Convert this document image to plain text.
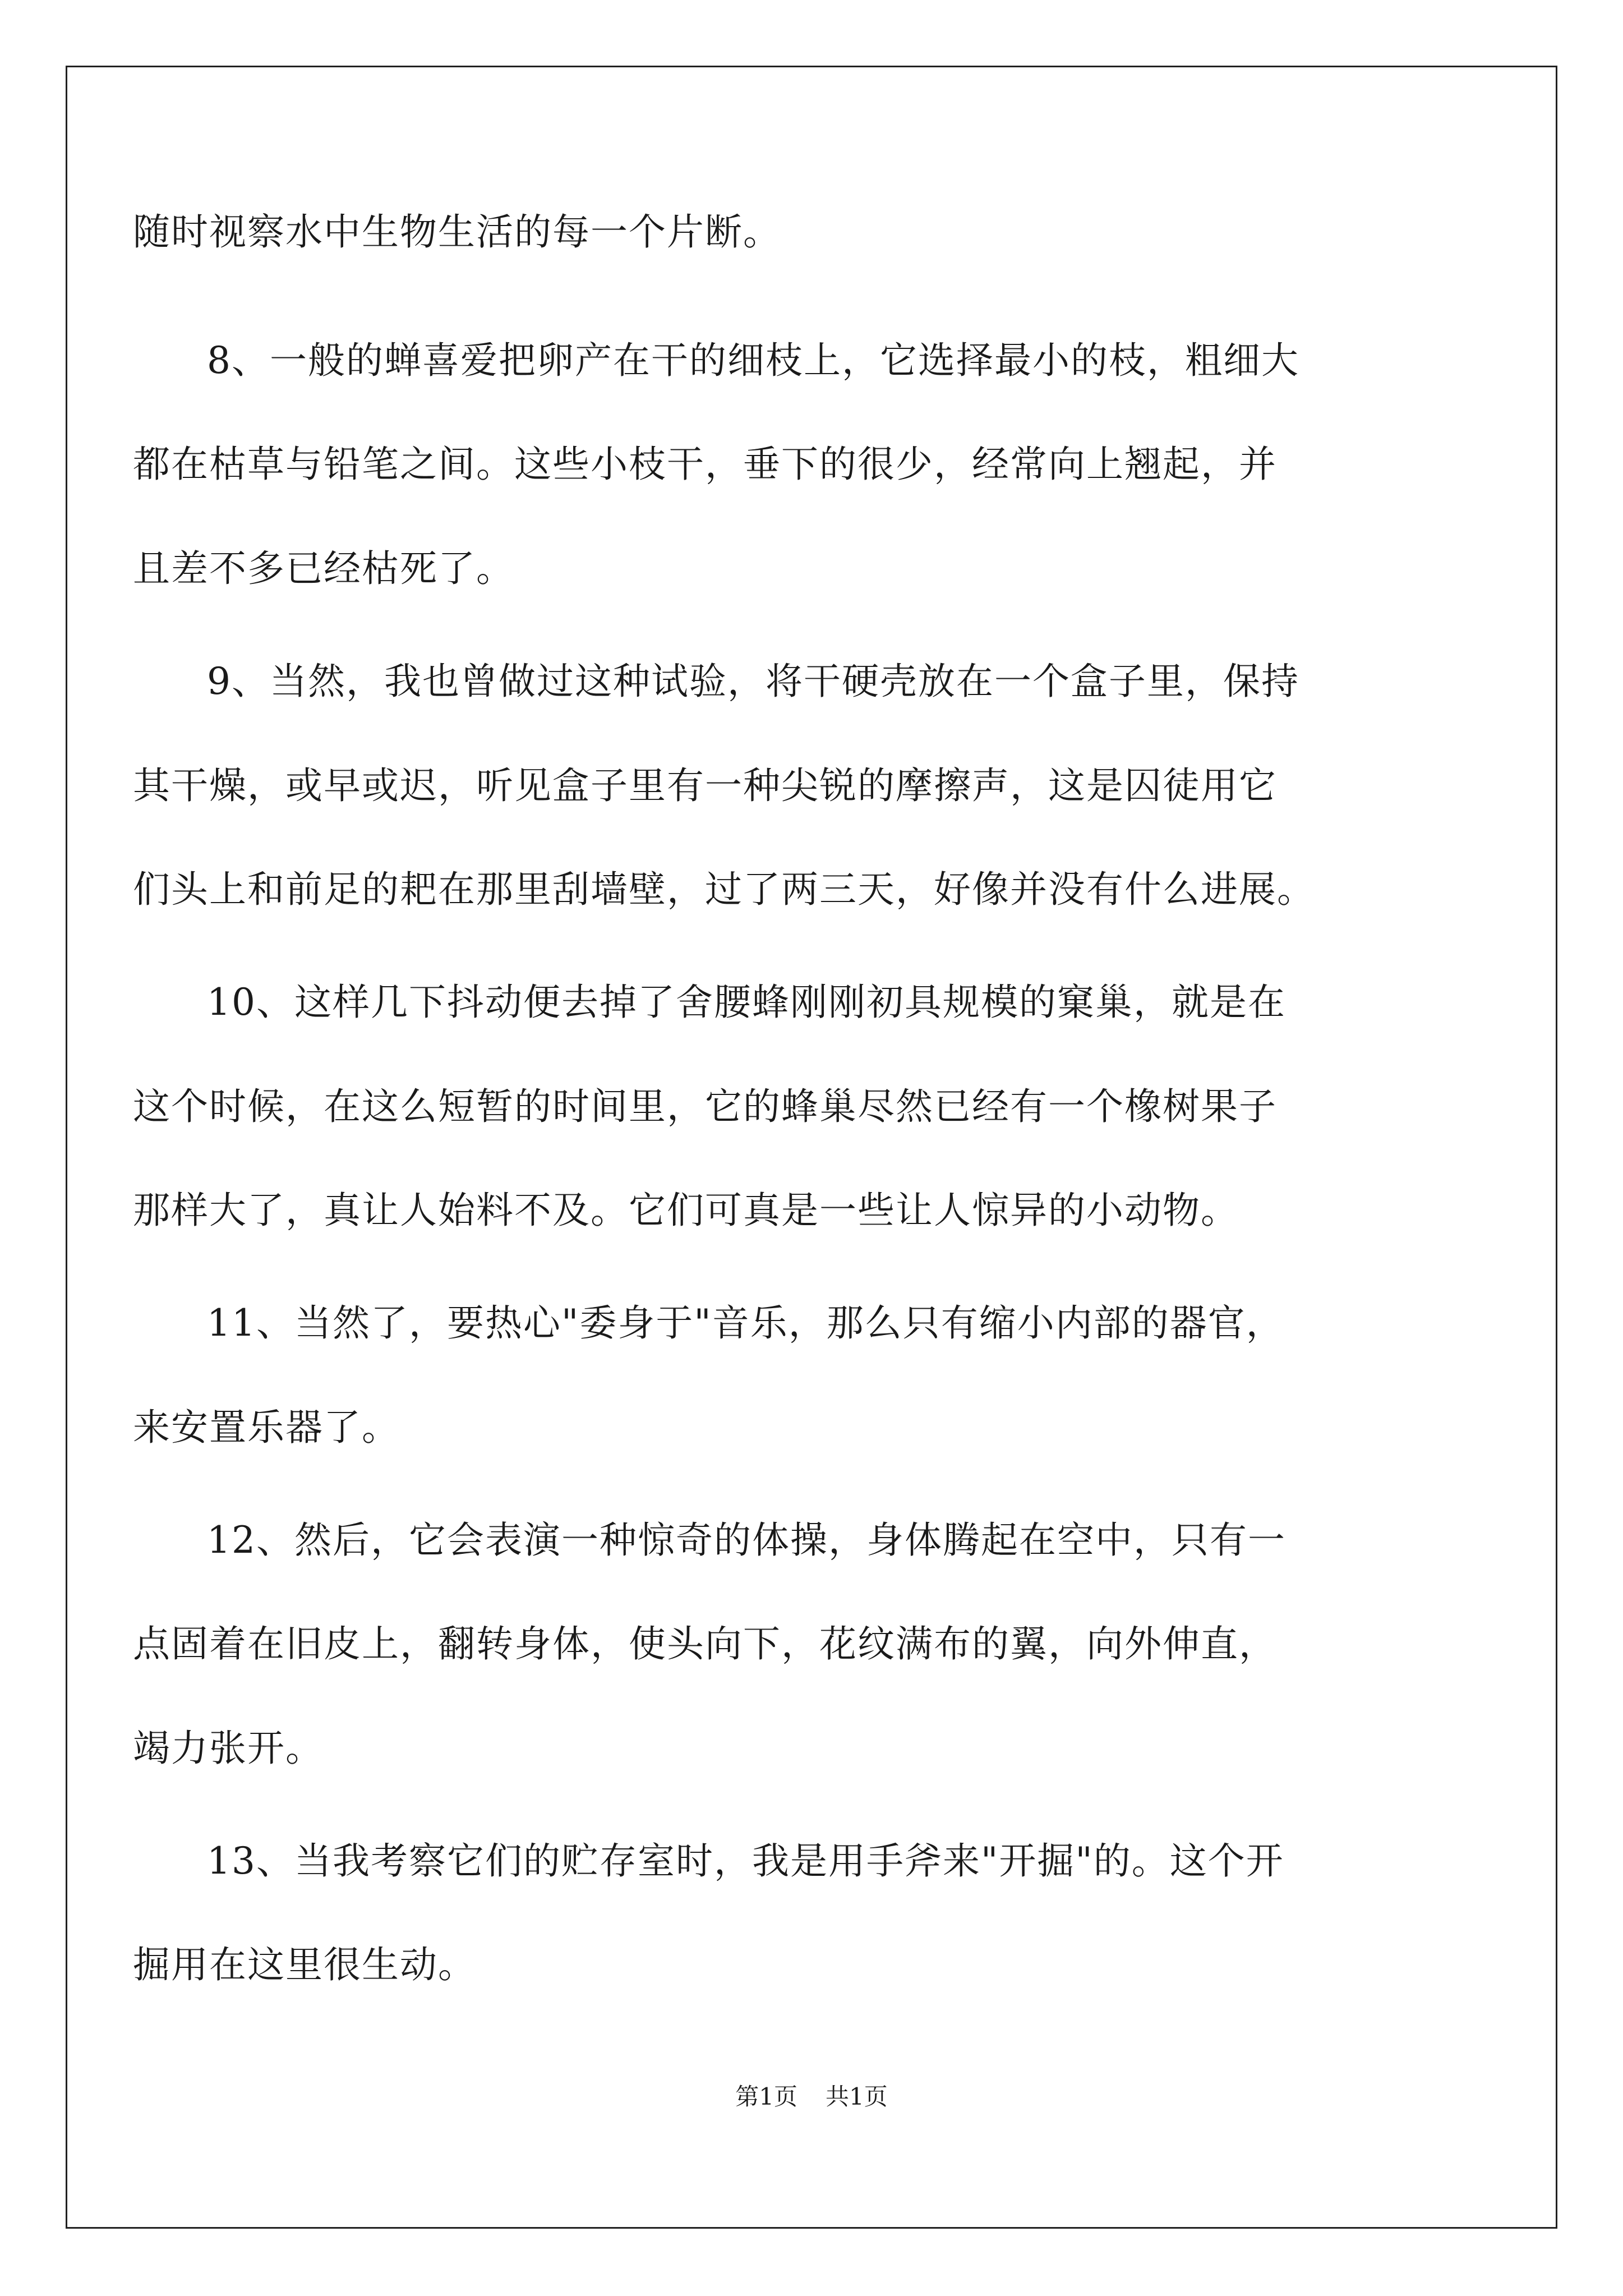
随时视察水中生物生活的每一个片断。
8、一般的蝉喜爱把卵产在干的细枝上，它选择最小的枝，粗细大
都在枯草与铅笔之间。这些小枝干，垂下的很少，经常向上翘起，并
且差不多已经枯死了。
9、当然，我也曾做过这种试验，将干硬壳放在一个盒子里，保持
其干燥，或早或迟，听见盒子里有一种尖锐的摩擦声，这是囚徒用它
们头上和前足的耙在那里刮墙壁，过了两三天，好像并没有什么进展。
10、这样几下抖动便去掉了舍腰蜂刚刚初具规模的窠巢，就是在
这个时候，在这么短暂的时间里，它的蜂巢尽然已经有一个橡树果子
那样大了，真让人始料不及。它们可真是一些让人惊异的小动物。
11、当然了，要热心"委身于"音乐，那么只有缩小内部的器官，
来安置乐器了。
12、然后，它会表演一种惊奇的体操，身体腾起在空中，只有一
点固着在旧皮上，翻转身体，使头向下，花纹满布的翼，向外伸直，
竭力张开。
13、当我考察它们的贮存室时，我是用手斧来"开掘"的。这个开
掘用在这里很生动。
第1页 共1页
